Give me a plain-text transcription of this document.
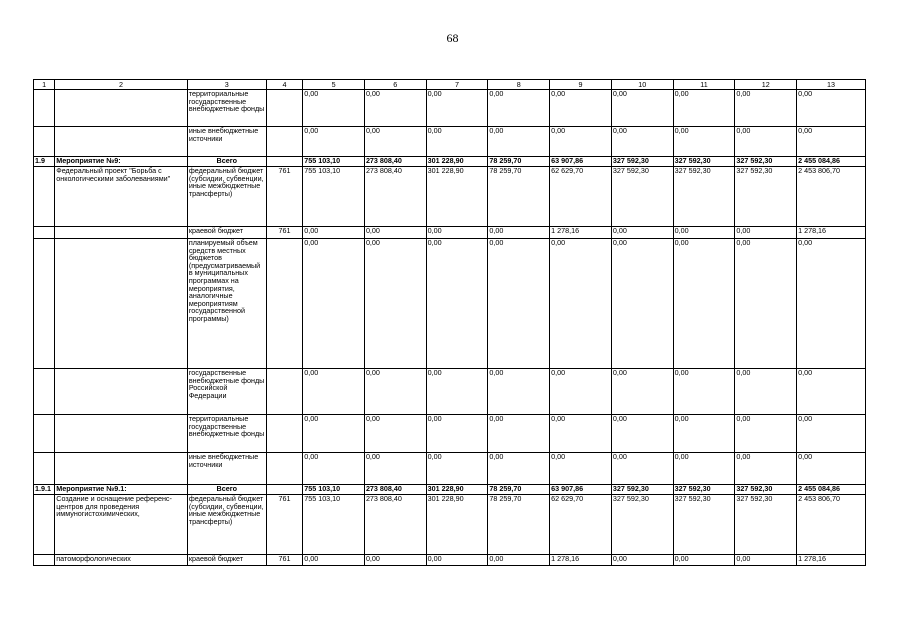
68
1	2	3	4	5	6	7	8	9	10	11	12	13
		территориальные государственные внебюджетные фонды		0,00	0,00	0,00	0,00	0,00	0,00	0,00	0,00	0,00
		иные внебюджетные источники		0,00	0,00	0,00	0,00	0,00	0,00	0,00	0,00	0,00
1.9	Мероприятие №9:	Всего		755 103,10	273 808,40	301 228,90	78 259,70	63 907,86	327 592,30	327 592,30	327 592,30	2 455 084,86
	Федеральный проект "Борьба с онкологическими заболеваниями"	федеральный бюджет (субсидии, субвенции, иные межбюджетные трансферты)	761	755 103,10	273 808,40	301 228,90	78 259,70	62 629,70	327 592,30	327 592,30	327 592,30	2 453 806,70
		краевой бюджет	761	0,00	0,00	0,00	0,00	1 278,16	0,00	0,00	0,00	1 278,16
		планируемый объем средств местных бюджетов (предусматриваемый в муниципальных программах на мероприятия, аналогичные мероприятиям государственной программы)		0,00	0,00	0,00	0,00	0,00	0,00	0,00	0,00	0,00
		государственные внебюджетные фонды Российской Федерации		0,00	0,00	0,00	0,00	0,00	0,00	0,00	0,00	0,00
		территориальные государственные внебюджетные фонды		0,00	0,00	0,00	0,00	0,00	0,00	0,00	0,00	0,00
		иные внебюджетные источники		0,00	0,00	0,00	0,00	0,00	0,00	0,00	0,00	0,00
1.9.1	Мероприятие №9.1:	Всего		755 103,10	273 808,40	301 228,90	78 259,70	63 907,86	327 592,30	327 592,30	327 592,30	2 455 084,86
	Создание и оснащение референс-центров для проведения иммуногистохимических,	федеральный бюджет (субсидии, субвенции, иные межбюджетные трансферты)	761	755 103,10	273 808,40	301 228,90	78 259,70	62 629,70	327 592,30	327 592,30	327 592,30	2 453 806,70
	патоморфологических	краевой бюджет	761	0,00	0,00	0,00	0,00	1 278,16	0,00	0,00	0,00	1 278,16
